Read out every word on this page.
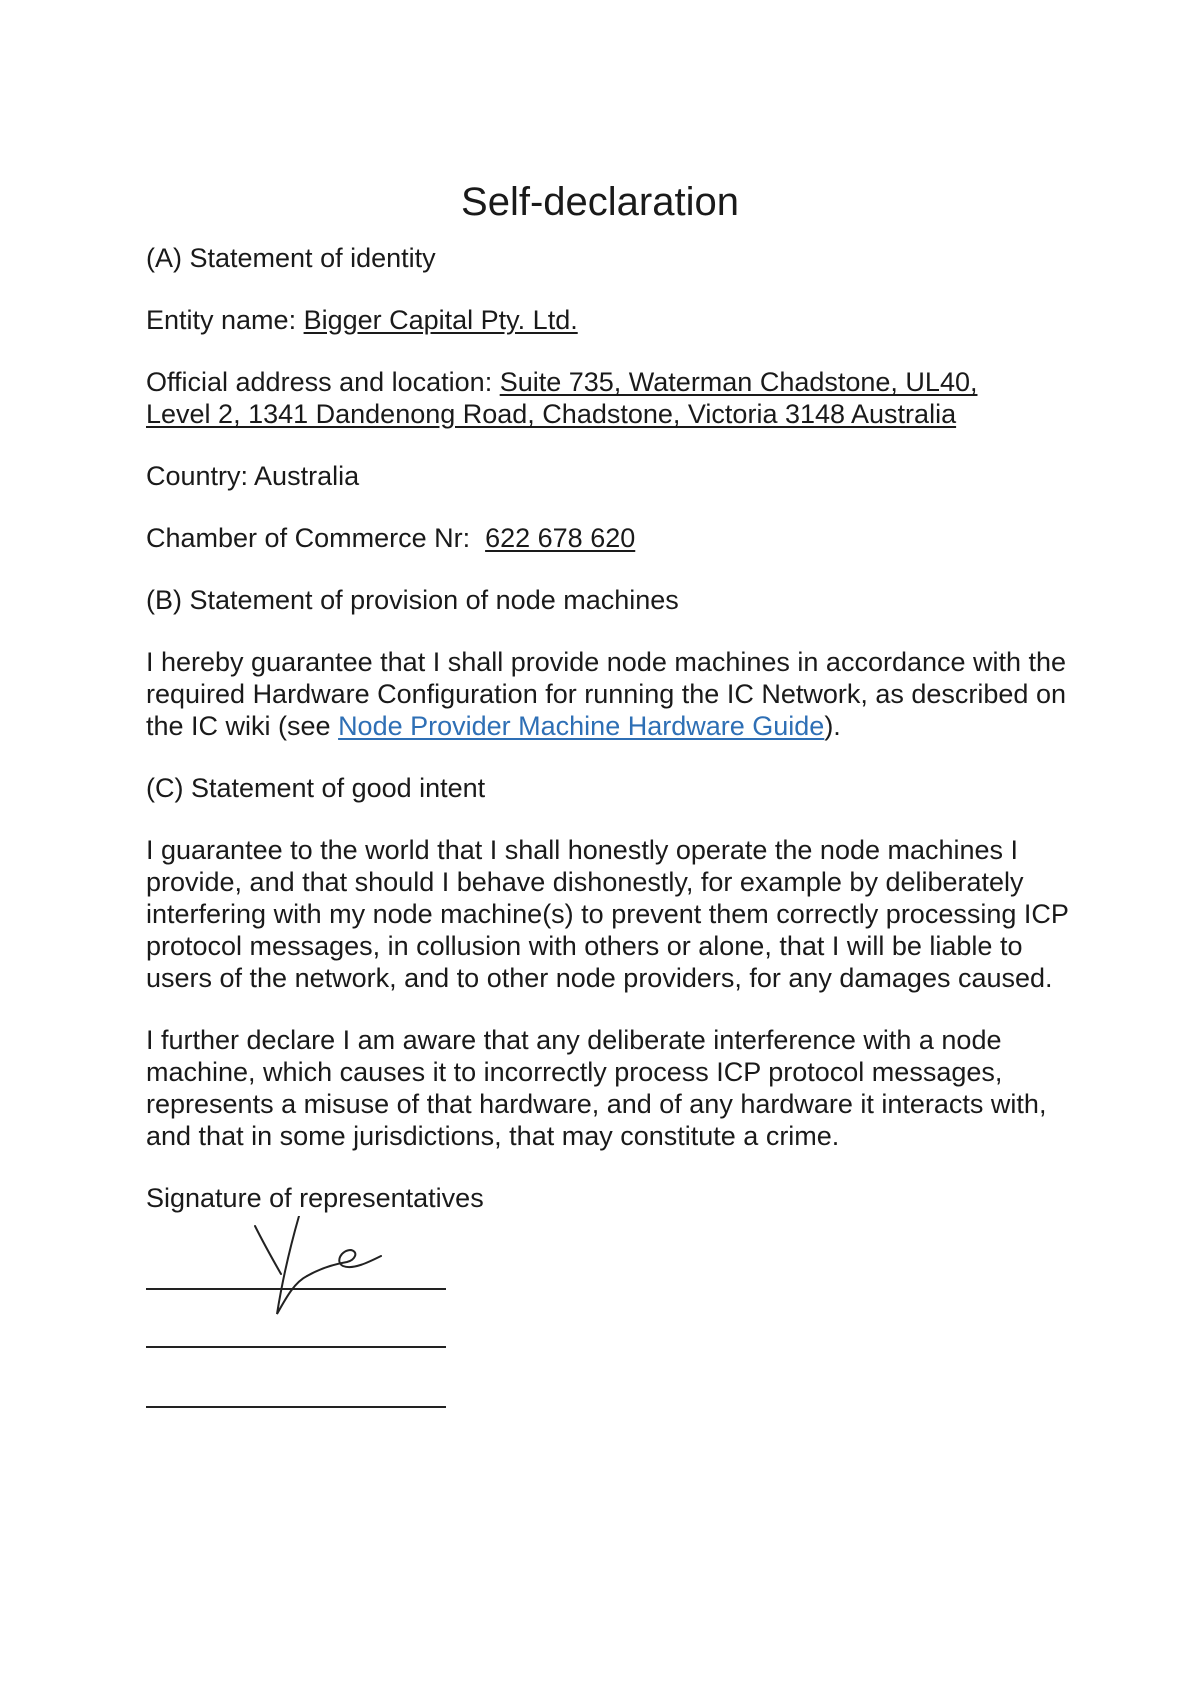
Self-declaration

(A) Statement of identity

Entity name: Bigger Capital Pty. Ltd.

Official address and location: Suite 735, Waterman Chadstone, UL40,
Level 2, 1341 Dandenong Road, Chadstone, Victoria 3148 Australia

Country: Australia

Chamber of Commerce Nr:  622 678 620

(B) Statement of provision of node machines

I hereby guarantee that I shall provide node machines in accordance with the required Hardware Configuration for running the IC Network, as described on the IC wiki (see Node Provider Machine Hardware Guide).

(C) Statement of good intent

I guarantee to the world that I shall honestly operate the node machines I provide, and that should I behave dishonestly, for example by deliberately interfering with my node machine(s) to prevent them correctly processing ICP protocol messages, in collusion with others or alone, that I will be liable to users of the network, and to other node providers, for any damages caused.

I further declare I am aware that any deliberate interference with a node machine, which causes it to incorrectly process ICP protocol messages, represents a misuse of that hardware, and of any hardware it interacts with, and that in some jurisdictions, that may constitute a crime.

Signature of representatives
